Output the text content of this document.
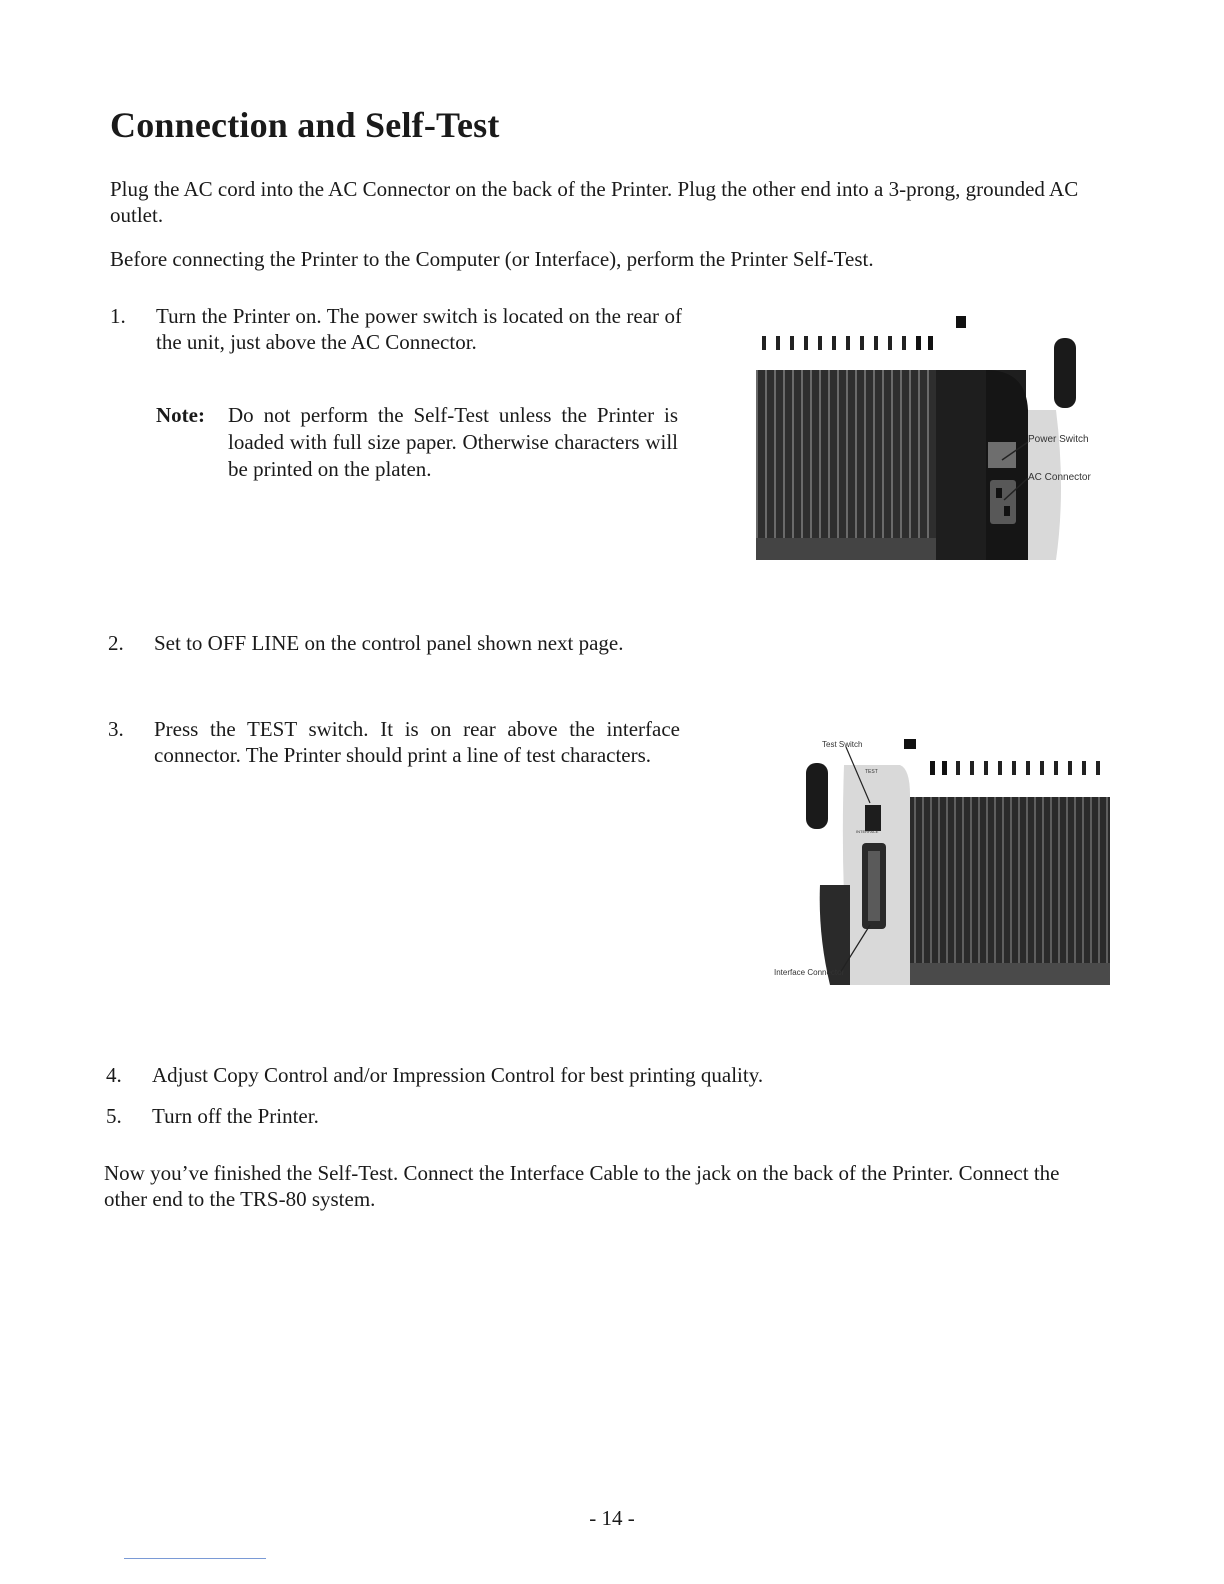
Connection and Self-Test

Plug the AC cord into the AC Connector on the back of the Printer. Plug the other end into a 3-prong, grounded AC outlet.

Before connecting the Printer to the Computer (or Interface), perform the Printer Self-Test.

1. Turn the Printer on. The power switch is located on the rear of the unit, just above the AC Connector.
Note: Do not perform the Self-Test unless the Printer is loaded with full size paper. Otherwise characters will be printed on the platen.
Power Switch
AC Connector
2. Set to OFF LINE on the control panel shown next page.
3. Press the TEST switch. It is on rear above the interface connector. The Printer should print a line of test characters.	Test Switch
TEST
INTERFACE
Interface Connector
4. Adjust Copy Control and/or Impression Control for best printing quality.
5. Turn off the Printer.

Now you’ve finished the Self-Test. Connect the Interface Cable to the jack on the back of the Printer. Connect the other end to the TRS-80 system.

- 14 -
